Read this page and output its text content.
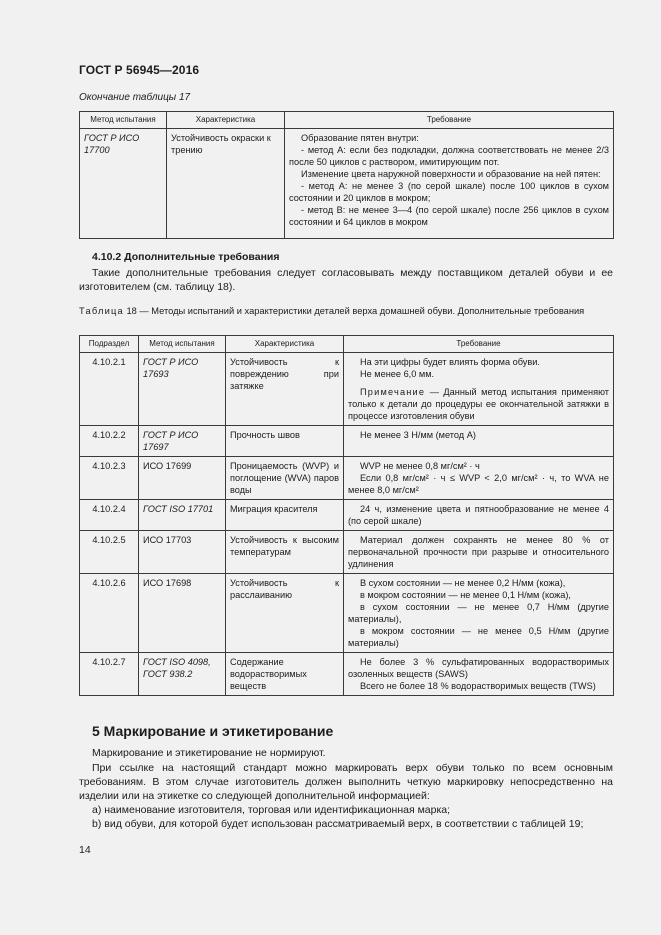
ГОСТ Р 56945—2016
Окончание таблицы 17
Метод испытания	Характеристика	Требование
ГОСТ Р ИСО 17700	Устойчивость окраски к трению	Образование пятен внутри:

- метод А: если без подкладки, должна соответствовать не менее 2/3 после 50 циклов с раствором, имитирующим пот.

Изменение цвета наружной поверхности и образование на ней пятен:

- метод А: не менее 3 (по серой шкале) после 100 циклов в сухом состоянии и 20 циклов в мокром;

- метод В: не менее 3—4 (по серой шкале) после 256 циклов в сухом состоянии и 64 циклов в мокром

4.10.2 Дополнительные требования
Такие дополнительные требования следует согласовывать между поставщиком деталей обуви и ее изготовителем (см. таблицу 18).
Таблица 18 — Методы испытаний и характеристики деталей верха домашней обуви. Дополнительные требования
Подраздел	Метод испытания	Характеристика	Требование
4.10.2.1	ГОСТ Р ИСО 17693	Устойчивость к повреждению при затяжке	На эти цифры будет влиять форма обуви.

Не менее 6,0 мм.

Примечание — Данный метод испытания применяют только к детали до процедуры ее окончательной затяжки в процессе изготовления обуви

4.10.2.2	ГОСТ Р ИСО 17697	Прочность швов	Не менее 3 Н/мм (метод А)

4.10.2.3	ИСО 17699	Проницаемость (WVP) и поглощение (WVA) паров воды	WVP не менее 0,8 мг/см² · ч

Если 0,8 мг/см² · ч ≤ WVP < 2,0 мг/см² · ч, то WVA не менее 8,0 мг/см²

4.10.2.4	ГОСТ ISO 17701	Миграция красителя	24 ч, изменение цвета и пятнообразование не менее 4 (по серой шкале)

4.10.2.5	ИСО 17703	Устойчивость к высоким температурам	Материал должен сохранять не менее 80 % от первоначальной прочности при разрыве и относительного удлинения

4.10.2.6	ИСО 17698	Устойчивость к расслаиванию	В сухом состоянии — не менее 0,2 Н/мм (кожа),

в мокром состоянии — не менее 0,1 Н/мм (кожа),

в сухом состоянии — не менее 0,7 Н/мм (другие материалы),

в мокром состоянии — не менее 0,5 Н/мм (другие материалы)

4.10.2.7	ГОСТ ISO 4098, ГОСТ 938.2	Содержание водорастворимых веществ	Не более 3 % сульфатированных водорастворимых озоленных веществ (SAWS)

Всего не более 18 % водорастворимых веществ (TWS)

5 Маркирование и этикетирование
Маркирование и этикетирование не нормируют.
При ссылке на настоящий стандарт можно маркировать верх обуви только по всем основным требованиям. В этом случае изготовитель должен выполнить четкую маркировку непосредственно на изделии или на этикетке со следующей дополнительной информацией:
а) наименование изготовителя, торговая или идентификационная марка;
b) вид обуви, для которой будет использован рассматриваемый верх, в соответствии с таблицей 19;
14
